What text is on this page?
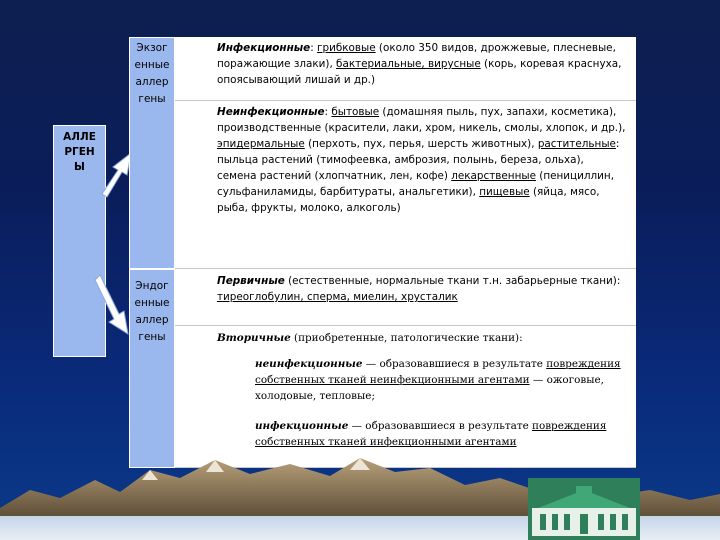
АЛЛЕРГЕНЫ
Экзогенные аллергены
Эндогенные аллергены
Инфекционные: грибковые (около 350 видов, дрожжевые, плесневые, поражающие злаки), бактериальные, вирусные (корь, коревая краснуха, опоясывающий лишай и др.)
Неинфекционные: бытовые (домашняя пыль, пух, запахи, косметика), производственные (красители, лаки, хром, никель, смолы, хлопок, и др.), эпидермальные (перхоть, пух, перья, шерсть животных), растительные: пыльца растений (тимофеевка, амброзия, полынь, береза, ольха), семена растений (хлопчатник, лен, кофе) лекарственные (пенициллин, сульфаниламиды, барбитураты, анальгетики), пищевые (яйца, мясо, рыба, фрукты, молоко, алкоголь)
Первичные (естественные, нормальные ткани т.н. забарьерные ткани): тиреоглобулин, сперма, миелин, хрусталик
Вторичные (приобретенные, патологические ткани):
неинфекционные — образовавшиеся в результате повреждения собственных тканей неинфекционными агентами — ожоговые, холодовые, тепловые;
инфекционные — образовавшиеся в результате повреждения собственных тканей инфекционными агентами
